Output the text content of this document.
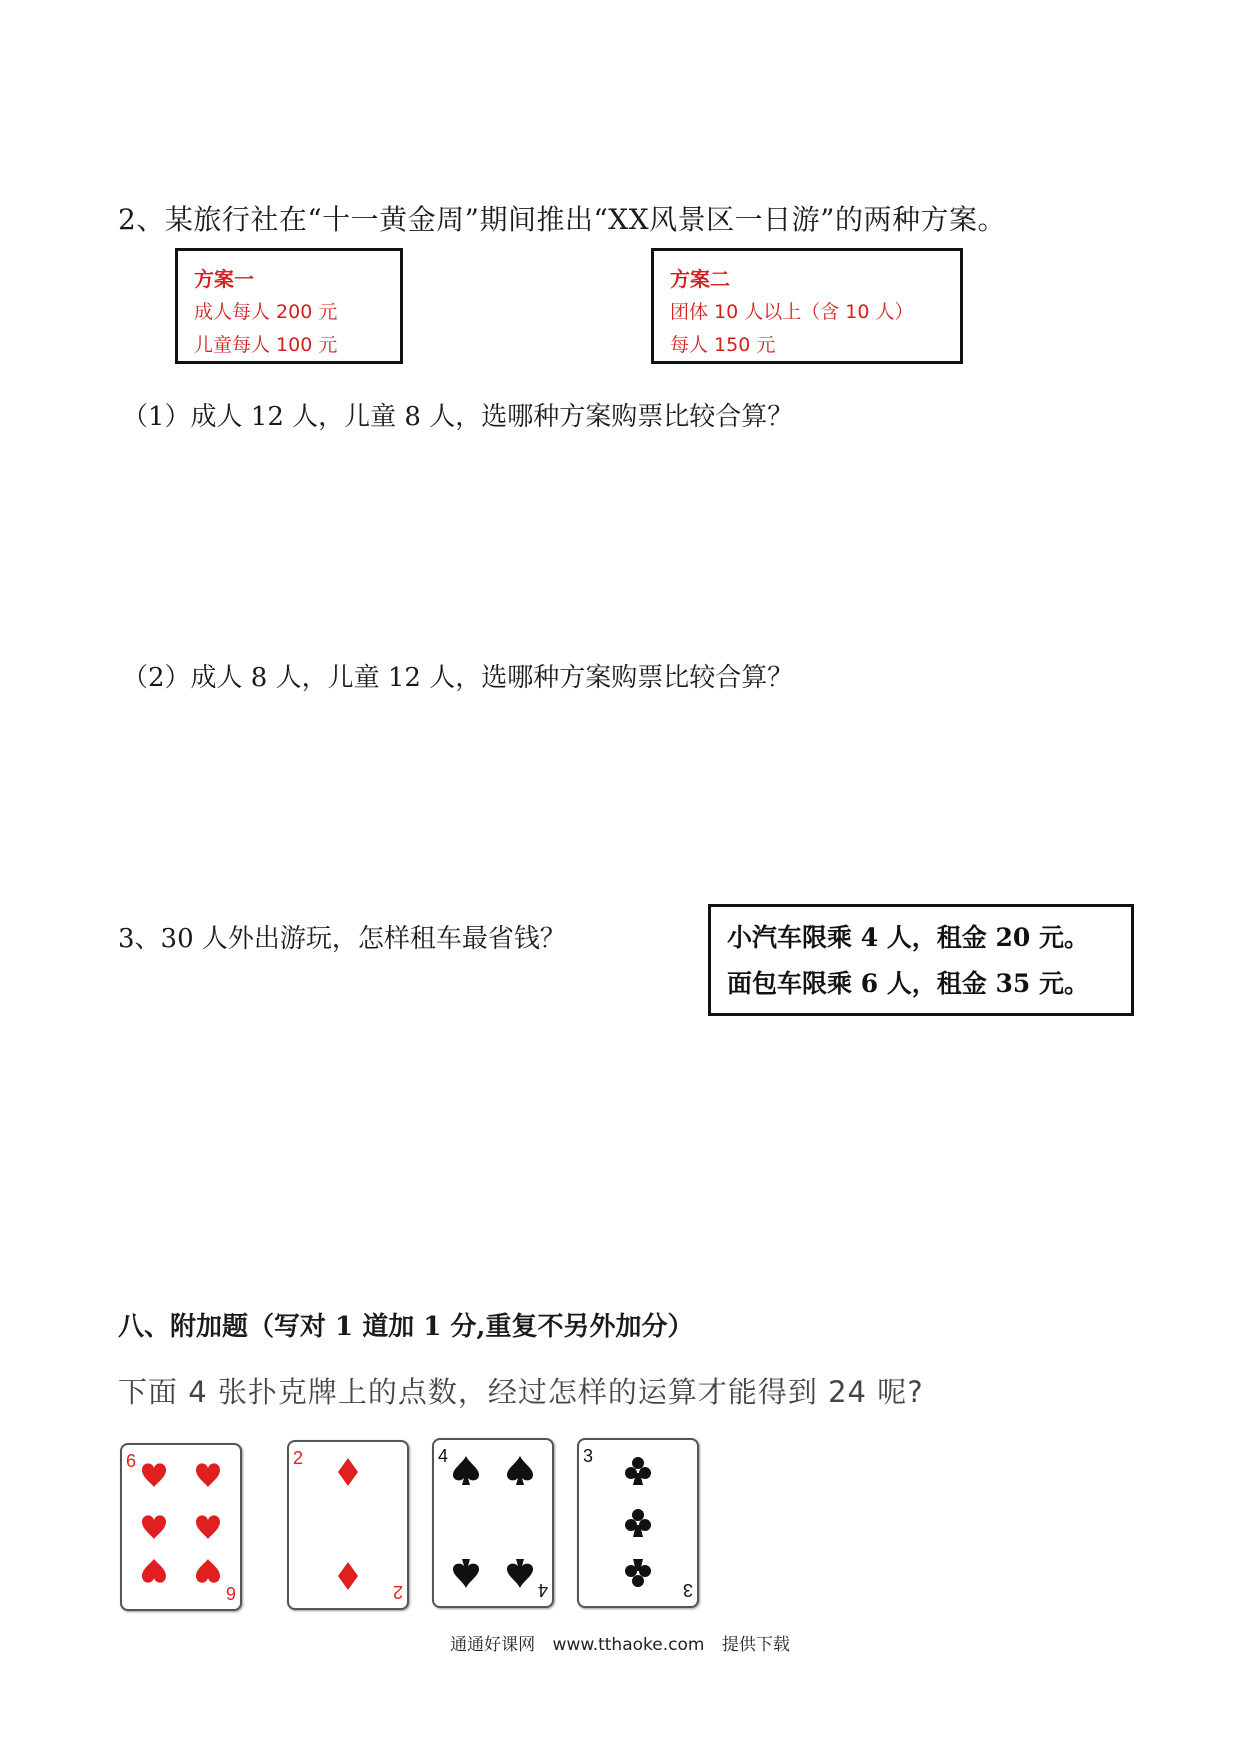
2、某旅行社在“十一黄金周”期间推出“XX风景区一日游”的两种方案。
方案一
成人每人 200 元
儿童每人 100 元
方案二
团体 10 人以上（含 10 人）
每人 150 元
（1）成人 12 人，儿童 8 人，选哪种方案购票比较合算？
（2）成人 8 人，儿童 12 人，选哪种方案购票比较合算？
3、30 人外出游玩，怎样租车最省钱？	小汽车限乘 4 人，租金 20 元。
面包车限乘 6 人，租金 35 元。
八、附加题（写对 1 道加 1 分,重复不另外加分）
下面 4 张扑克牌上的点数，经过怎样的运算才能得到 24 呢?
6
6
2
2
4
4
3
3
通通好课网 www.tthaoke.com 提供下载
